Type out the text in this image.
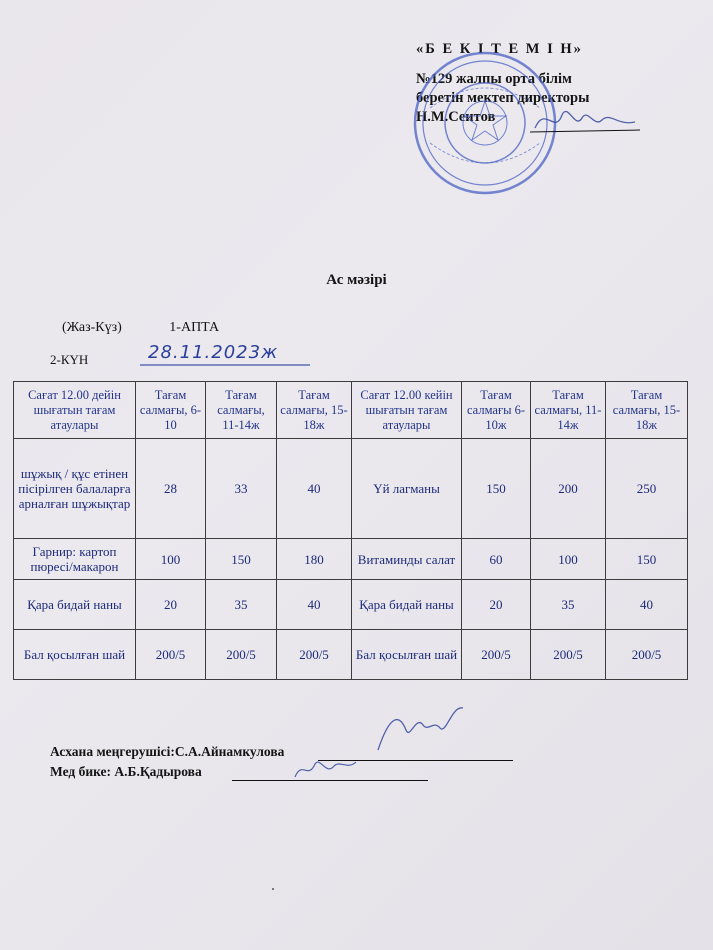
«Б Е К І Т Е М І Н»
№129 жалпы орта білім
беретін мектеп директоры
Н.М.Сеитов
Ас мәзірі
(Жаз-Күз)	1-АПТА
2-КҮН	28.11.2023ж
Сағат 12.00 дейін шығатын тағам атаулары	Тағам салмағы, 6-10	Тағам салмағы, 11-14ж	Тағам салмағы, 15-18ж	Сағат 12.00 кейін шығатын тағам атаулары	Тағам салмағы 6-10ж	Тағам салмағы, 11-14ж	Тағам салмағы, 15-18ж
шұжық / құс етінен пісірілген балаларға арналған шұжықтар	28	33	40	Үй лагманы	150	200	250
Гарнир: картоп пюресі/макарон	100	150	180	Витаминды салат	60	100	150
Қара бидай наны	20	35	40	Қара бидай наны	20	35	40
Бал қосылған шай	200/5	200/5	200/5	Бал қосылған шай	200/5	200/5	200/5
Асхана меңгерушісі:С.А.Айнамкулова
Мед бике: А.Б.Қадырова
